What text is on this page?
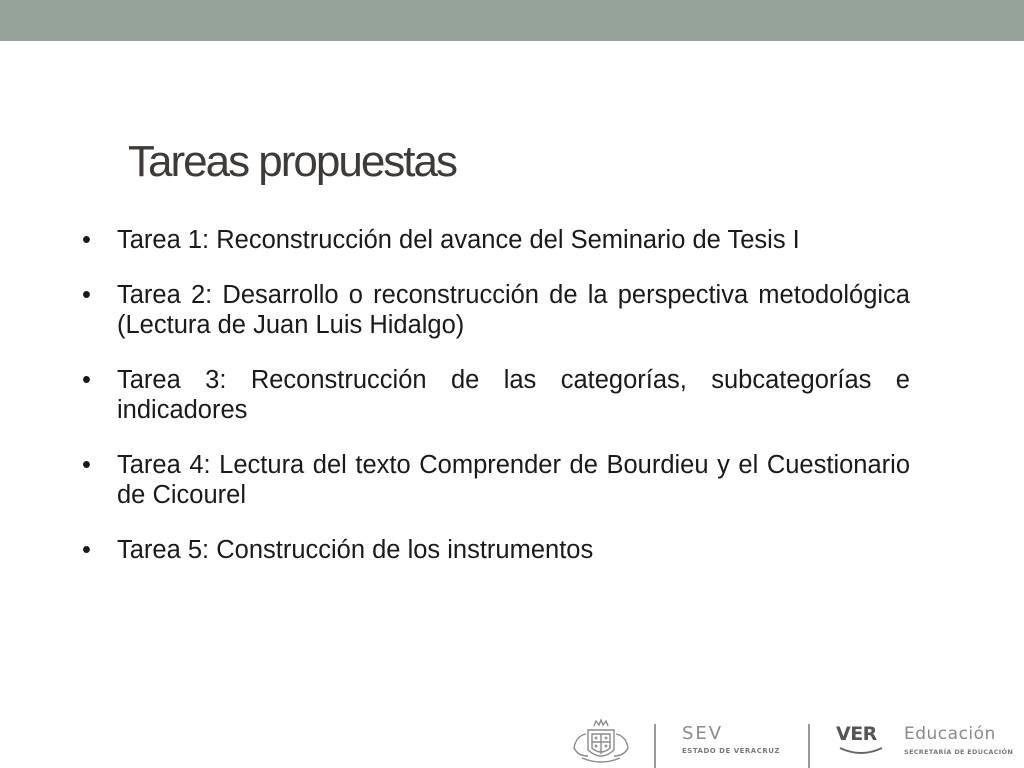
Tareas propuestas
•	Tarea 1: Reconstrucción del avance del Seminario de Tesis I
•	Tarea 2: Desarrollo o reconstrucción de la perspectiva metodológica (Lectura de Juan Luis Hidalgo)
•	Tarea 3: Reconstrucción de las categorías, subcategorías e indicadores
•	Tarea 4: Lectura del texto Comprender de Bourdieu y el Cuestionario de Cicourel
•	Tarea 5: Construcción de los instrumentos
SEV
ESTADO DE VERACRUZ
VER Educación
SECRETARÍA DE EDUCACIÓN
